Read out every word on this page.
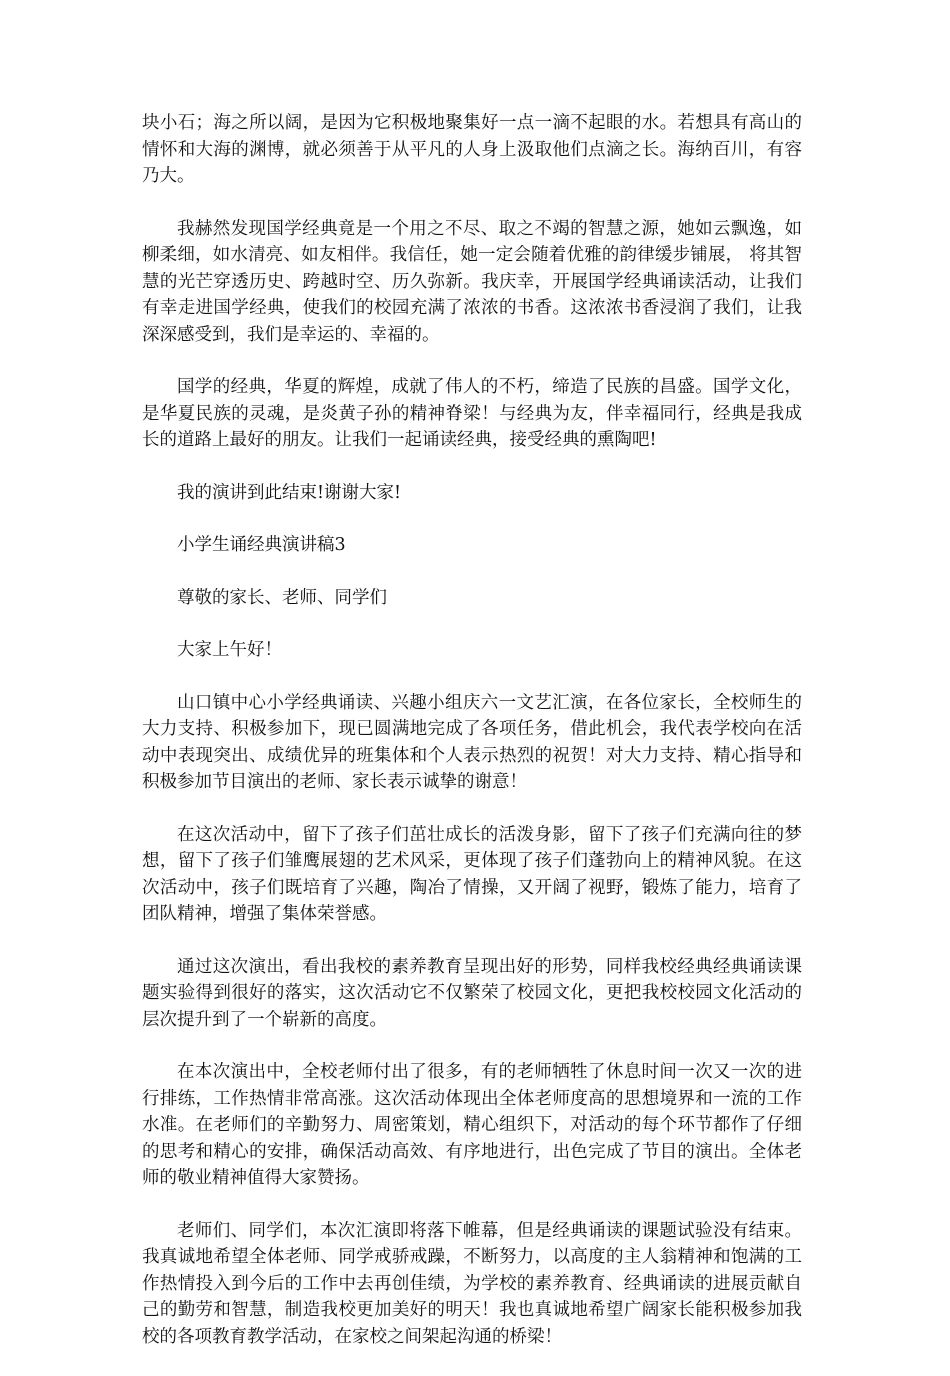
块小石；海之所以阔，是因为它积极地聚集好一点一滴不起眼的水。若想具有高山的情怀和大海的渊博，就必须善于从平凡的人身上汲取他们点滴之长。海纳百川，有容乃大。

我赫然发现国学经典竟是一个用之不尽、取之不竭的智慧之源，她如云飘逸，如柳柔细，如水清亮、如友相伴。我信任，她一定会随着优雅的韵律缓步铺展， 将其智慧的光芒穿透历史、跨越时空、历久弥新。我庆幸，开展国学经典诵读活动，让我们有幸走进国学经典，使我们的校园充满了浓浓的书香。这浓浓书香浸润了我们，让我深深感受到，我们是幸运的、幸福的。

国学的经典，华夏的辉煌，成就了伟人的不朽，缔造了民族的昌盛。国学文化，是华夏民族的灵魂，是炎黄子孙的精神脊梁！与经典为友，伴幸福同行，经典是我成长的道路上最好的朋友。让我们一起诵读经典，接受经典的熏陶吧!

我的演讲到此结束!谢谢大家!

小学生诵经典演讲稿3

尊敬的家长、老师、同学们

大家上午好！

山口镇中心小学经典诵读、兴趣小组庆六一文艺汇演，在各位家长，全校师生的大力支持、积极参加下，现已圆满地完成了各项任务，借此机会，我代表学校向在活动中表现突出、成绩优异的班集体和个人表示热烈的祝贺！对大力支持、精心指导和积极参加节目演出的老师、家长表示诚挚的谢意！

在这次活动中，留下了孩子们茁壮成长的活泼身影，留下了孩子们充满向往的梦想，留下了孩子们雏鹰展翅的艺术风采，更体现了孩子们蓬勃向上的精神风貌。在这次活动中，孩子们既培育了兴趣，陶冶了情操，又开阔了视野，锻炼了能力，培育了团队精神，增强了集体荣誉感。

通过这次演出，看出我校的素养教育呈现出好的形势，同样我校经典经典诵读课题实验得到很好的落实，这次活动它不仅繁荣了校园文化，更把我校校园文化活动的层次提升到了一个崭新的高度。

在本次演出中，全校老师付出了很多，有的老师牺牲了休息时间一次又一次的进行排练，工作热情非常高涨。这次活动体现出全体老师度高的思想境界和一流的工作水准。在老师们的辛勤努力、周密策划，精心组织下，对活动的每个环节都作了仔细的思考和精心的安排，确保活动高效、有序地进行，出色完成了节目的演出。全体老师的敬业精神值得大家赞扬。

老师们、同学们，本次汇演即将落下帷幕，但是经典诵读的课题试验没有结束。我真诚地希望全体老师、同学戒骄戒躁，不断努力，以高度的主人翁精神和饱满的工作热情投入到今后的工作中去再创佳绩，为学校的素养教育、经典诵读的进展贡献自己的勤劳和智慧，制造我校更加美好的明天！我也真诚地希望广阔家长能积极参加我校的各项教育教学活动，在家校之间架起沟通的桥梁！
